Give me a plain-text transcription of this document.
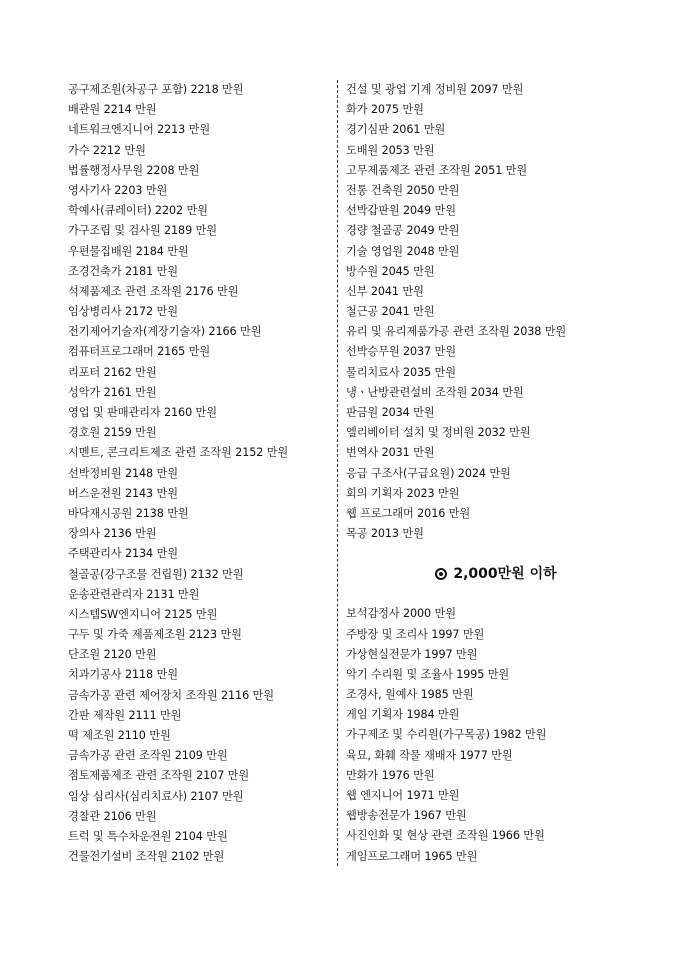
공구제조원(차공구 포함) 2218 만원
배관원 2214 만원
네트워크엔지니어 2213 만원
가수 2212 만원
법률행정사무원 2208 만원
영사기사 2203 만원
학예사(큐레이터) 2202 만원
가구조립 및 검사원 2189 만원
우편물집배원 2184 만원
조경건축가 2181 만원
석제품제조 관련 조작원 2176 만원
임상병리사 2172 만원
전기제어기술자(계장기술자) 2166 만원
컴퓨터프로그래머 2165 만원
리포터 2162 만원
성악가 2161 만원
영업 및 판매관리자 2160 만원
경호원 2159 만원
시멘트, 콘크리트제조 관련 조작원 2152 만원
선박정비원 2148 만원
버스운전원 2143 만원
바닥재시공원 2138 만원
장의사 2136 만원
주택관리사 2134 만원
철골공(강구조물 건립원) 2132 만원
운송관련관리자 2131 만원
시스템SW엔지니어 2125 만원
구두 및 가죽 제품제조원 2123 만원
단조원 2120 만원
치과기공사 2118 만원
금속가공 관련 제어장치 조작원 2116 만원
간판 제작원 2111 만원
떡 제조원 2110 만원
금속가공 관련 조작원 2109 만원
점토제품제조 관련 조작원 2107 만원
임상 심리사(심리치료사) 2107 만원
경찰관 2106 만원
트럭 및 특수차운전원 2104 만원
건물전기설비 조작원 2102 만원
건설 및 광업 기계 정비원 2097 만원
화가 2075 만원
경기심판 2061 만원
도배원 2053 만원
고무제품제조 관련 조작원 2051 만원
전통 건축원 2050 만원
선박갑판원 2049 만원
경량 철골공 2049 만원
기술 영업원 2048 만원
방수원 2045 만원
신부 2041 만원
철근공 2041 만원
유리 및 유리제품가공 관련 조작원 2038 만원
선박승무원 2037 만원
물리치료사 2035 만원
냉ㆍ난방관련설비 조작원 2034 만원
판금원 2034 만원
엘리베이터 설치 및 정비원 2032 만원
번역사 2031 만원
응급 구조사(구급요원) 2024 만원
회의 기획자 2023 만원
웹 프로그래머 2016 만원
목공 2013 만원
2,000만원 이하
보석감정사 2000 만원
주방장 및 조리사 1997 만원
가상현실전문가 1997 만원
악기 수리원 및 조율사 1995 만원
조경사, 원예사 1985 만원
게임 기획자 1984 만원
가구제조 및 수리원(가구목공) 1982 만원
육묘, 화훼 작물 재배자 1977 만원
만화가 1976 만원
웹 엔지니어 1971 만원
웹방송전문가 1967 만원
사진인화 및 현상 관련 조작원 1966 만원
게임프로그래머 1965 만원
